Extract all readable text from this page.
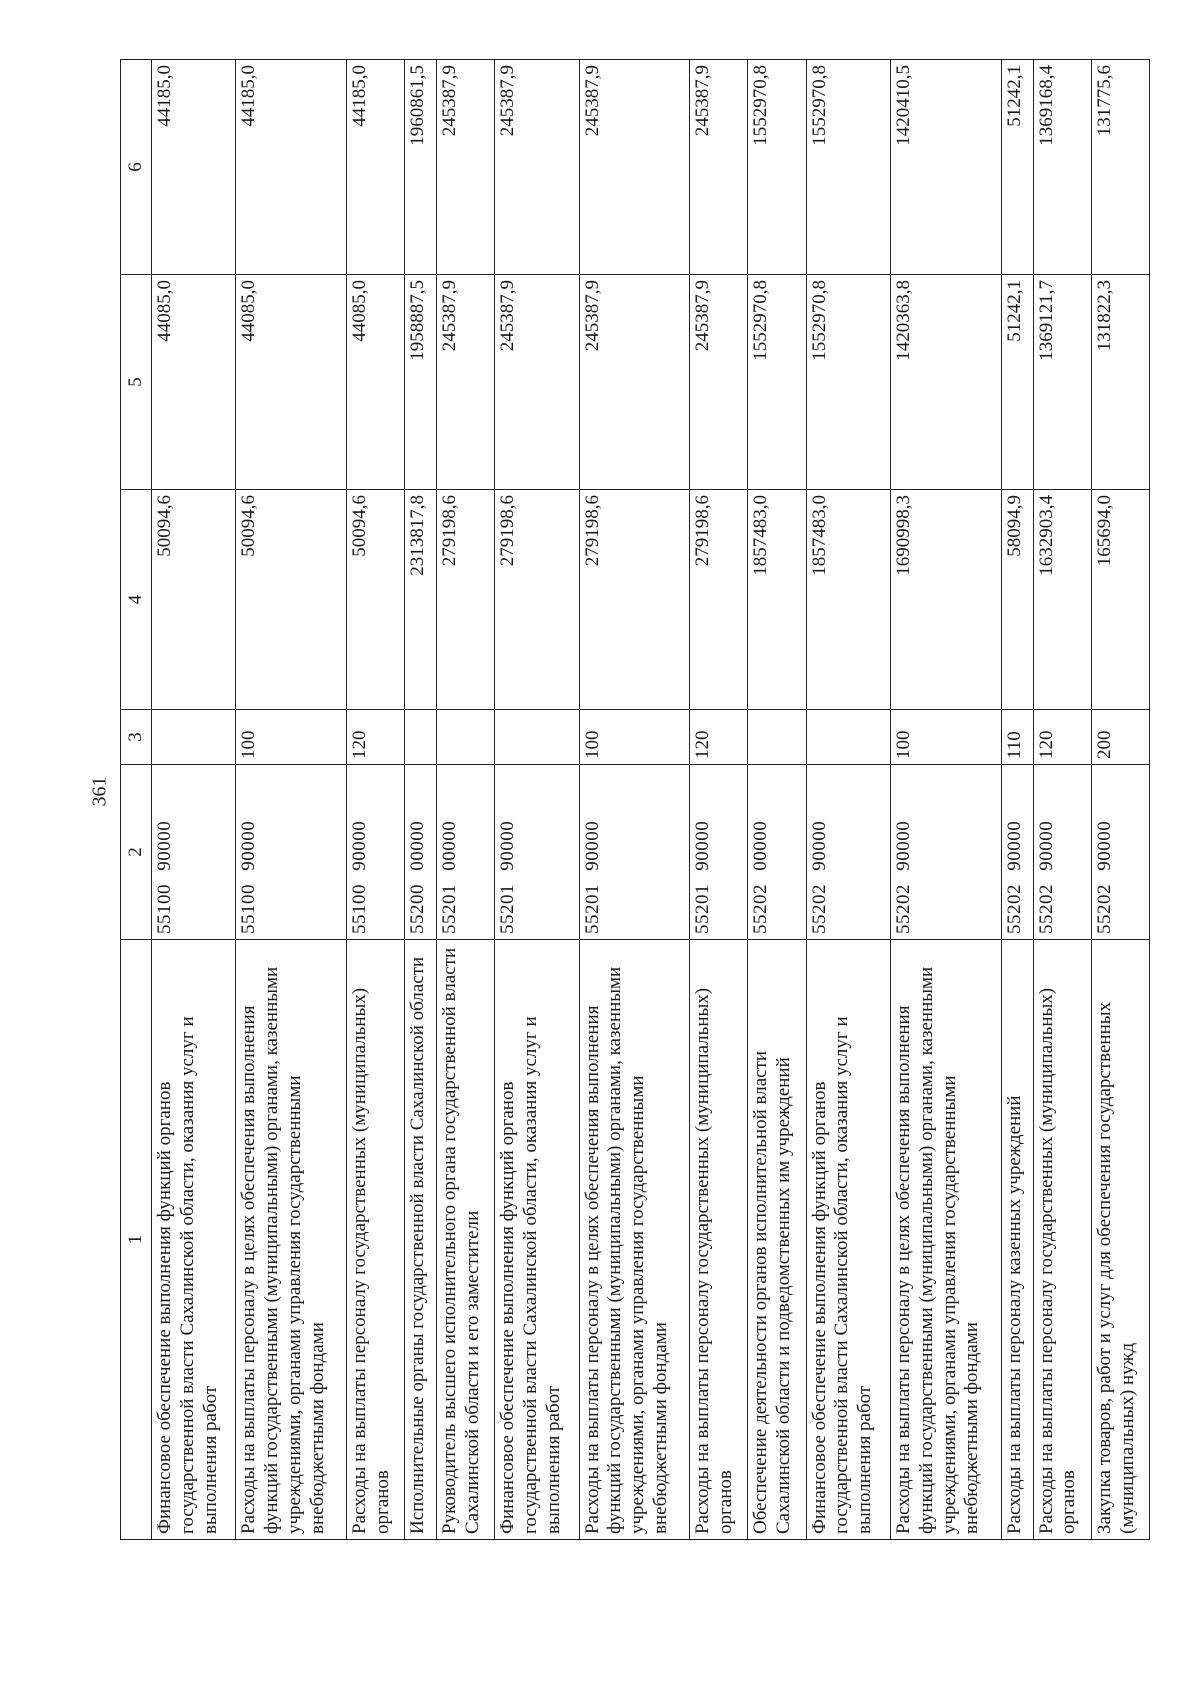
361
1	2	3	4	5	6
Финансовое обеспечение выполнения функций органов государственной власти Сахалинской области, оказания услуг и выполнения работ	55100 90000		50094,6	44085,0	44185,0
Расходы на выплаты персоналу в целях обеспечения выполнения функций государственными (муниципальными) органами, казенными учреждениями, органами управления государственными внебюджетными фондами	55100 90000	100	50094,6	44085,0	44185,0
Расходы на выплаты персоналу государственных (муниципальных) органов	55100 90000	120	50094,6	44085,0	44185,0
Исполнительные органы государственной власти Сахалинской области	55200 00000		2313817,8	1958887,5	1960861,5
Руководитель высшего исполнительного органа государственной власти Сахалинской области и его заместители	55201 00000		279198,6	245387,9	245387,9
Финансовое обеспечение выполнения функций органов государственной власти Сахалинской области, оказания услуг и выполнения работ	55201 90000		279198,6	245387,9	245387,9
Расходы на выплаты персоналу в целях обеспечения выполнения функций государственными (муниципальными) органами, казенными учреждениями, органами управления государственными внебюджетными фондами	55201 90000	100	279198,6	245387,9	245387,9
Расходы на выплаты персоналу государственных (муниципальных) органов	55201 90000	120	279198,6	245387,9	245387,9
Обеспечение деятельности органов исполнительной власти Сахалинской области и подведомственных им учреждений	55202 00000		1857483,0	1552970,8	1552970,8
Финансовое обеспечение выполнения функций органов государственной власти Сахалинской области, оказания услуг и выполнения работ	55202 90000		1857483,0	1552970,8	1552970,8
Расходы на выплаты персоналу в целях обеспечения выполнения функций государственными (муниципальными) органами, казенными учреждениями, органами управления государственными внебюджетными фондами	55202 90000	100	1690998,3	1420363,8	1420410,5
Расходы на выплаты персоналу казенных учреждений	55202 90000	110	58094,9	51242,1	51242,1
Расходы на выплаты персоналу государственных (муниципальных) органов	55202 90000	120	1632903,4	1369121,7	1369168,4
Закупка товаров, работ и услуг для обеспечения государственных (муниципальных) нужд	55202 90000	200	165694,0	131822,3	131775,6
